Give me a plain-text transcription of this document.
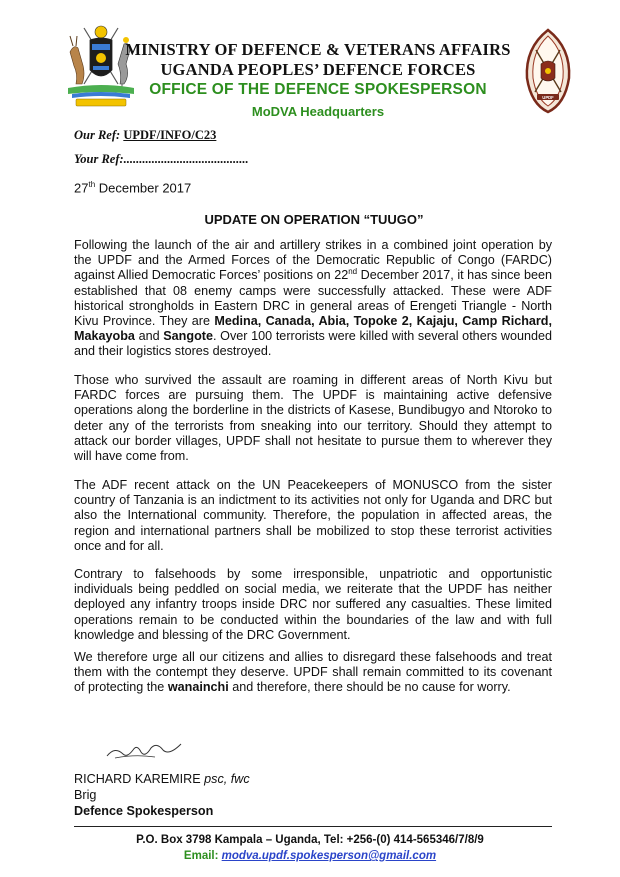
UPDF
MINISTRY OF DEFENCE & VETERANS AFFAIRS
UGANDA PEOPLES’ DEFENCE FORCES
OFFICE OF THE DEFENCE SPOKESPERSON
MoDVA Headquarters
Our Ref: UPDF/INFO/C23
Your Ref:........................................
27th December 2017
UPDATE ON OPERATION “TUUGO”

Following the launch of the air and artillery strikes in a combined joint operation by the UPDF and the Armed Forces of the Democratic Republic of Congo (FARDC) against Allied Democratic Forces’ positions on 22nd December 2017, it has since been established that 08 enemy camps were successfully attacked. These were ADF historical strongholds in Eastern DRC in general areas of Erengeti Triangle - North Kivu Province. They are Medina, Canada, Abia, Topoke 2, Kajaju, Camp Richard, Makayoba and Sangote. Over 100 terrorists were killed with several others wounded and their logistics stores destroyed.

Those who survived the assault are roaming in different areas of North Kivu but FARDC forces are pursuing them. The UPDF is maintaining active defensive operations along the borderline in the districts of Kasese, Bundibugyo and Ntoroko to deter any of the terrorists from sneaking into our territory. Should they attempt to attack our border villages, UPDF shall not hesitate to pursue them to wherever they will have come from.

The ADF recent attack on the UN Peacekeepers of MONUSCO from the sister country of Tanzania is an indictment to its activities not only for Uganda and DRC but also the International community. Therefore, the population in affected areas, the region and international partners shall be mobilized to stop these terrorist activities once and for all.

Contrary to falsehoods by some irresponsible, unpatriotic and opportunistic individuals being peddled on social media, we reiterate that the UPDF has neither deployed any infantry troops inside DRC nor suffered any casualties. These limited operations remain to be conducted within the boundaries of the law and with full knowledge and blessing of the DRC Government.

We therefore urge all our citizens and allies to disregard these falsehoods and treat them with the contempt they deserve. UPDF shall remain committed to its covenant of protecting the wanainchi and therefore, there should be no cause for worry.

RICHARD KAREMIRE psc, fwc
Brig
Defence Spokesperson
P.O. Box 3798 Kampala – Uganda, Tel: +256-(0) 414-565346/7/8/9
Email: modva.updf.spokesperson@gmail.com
